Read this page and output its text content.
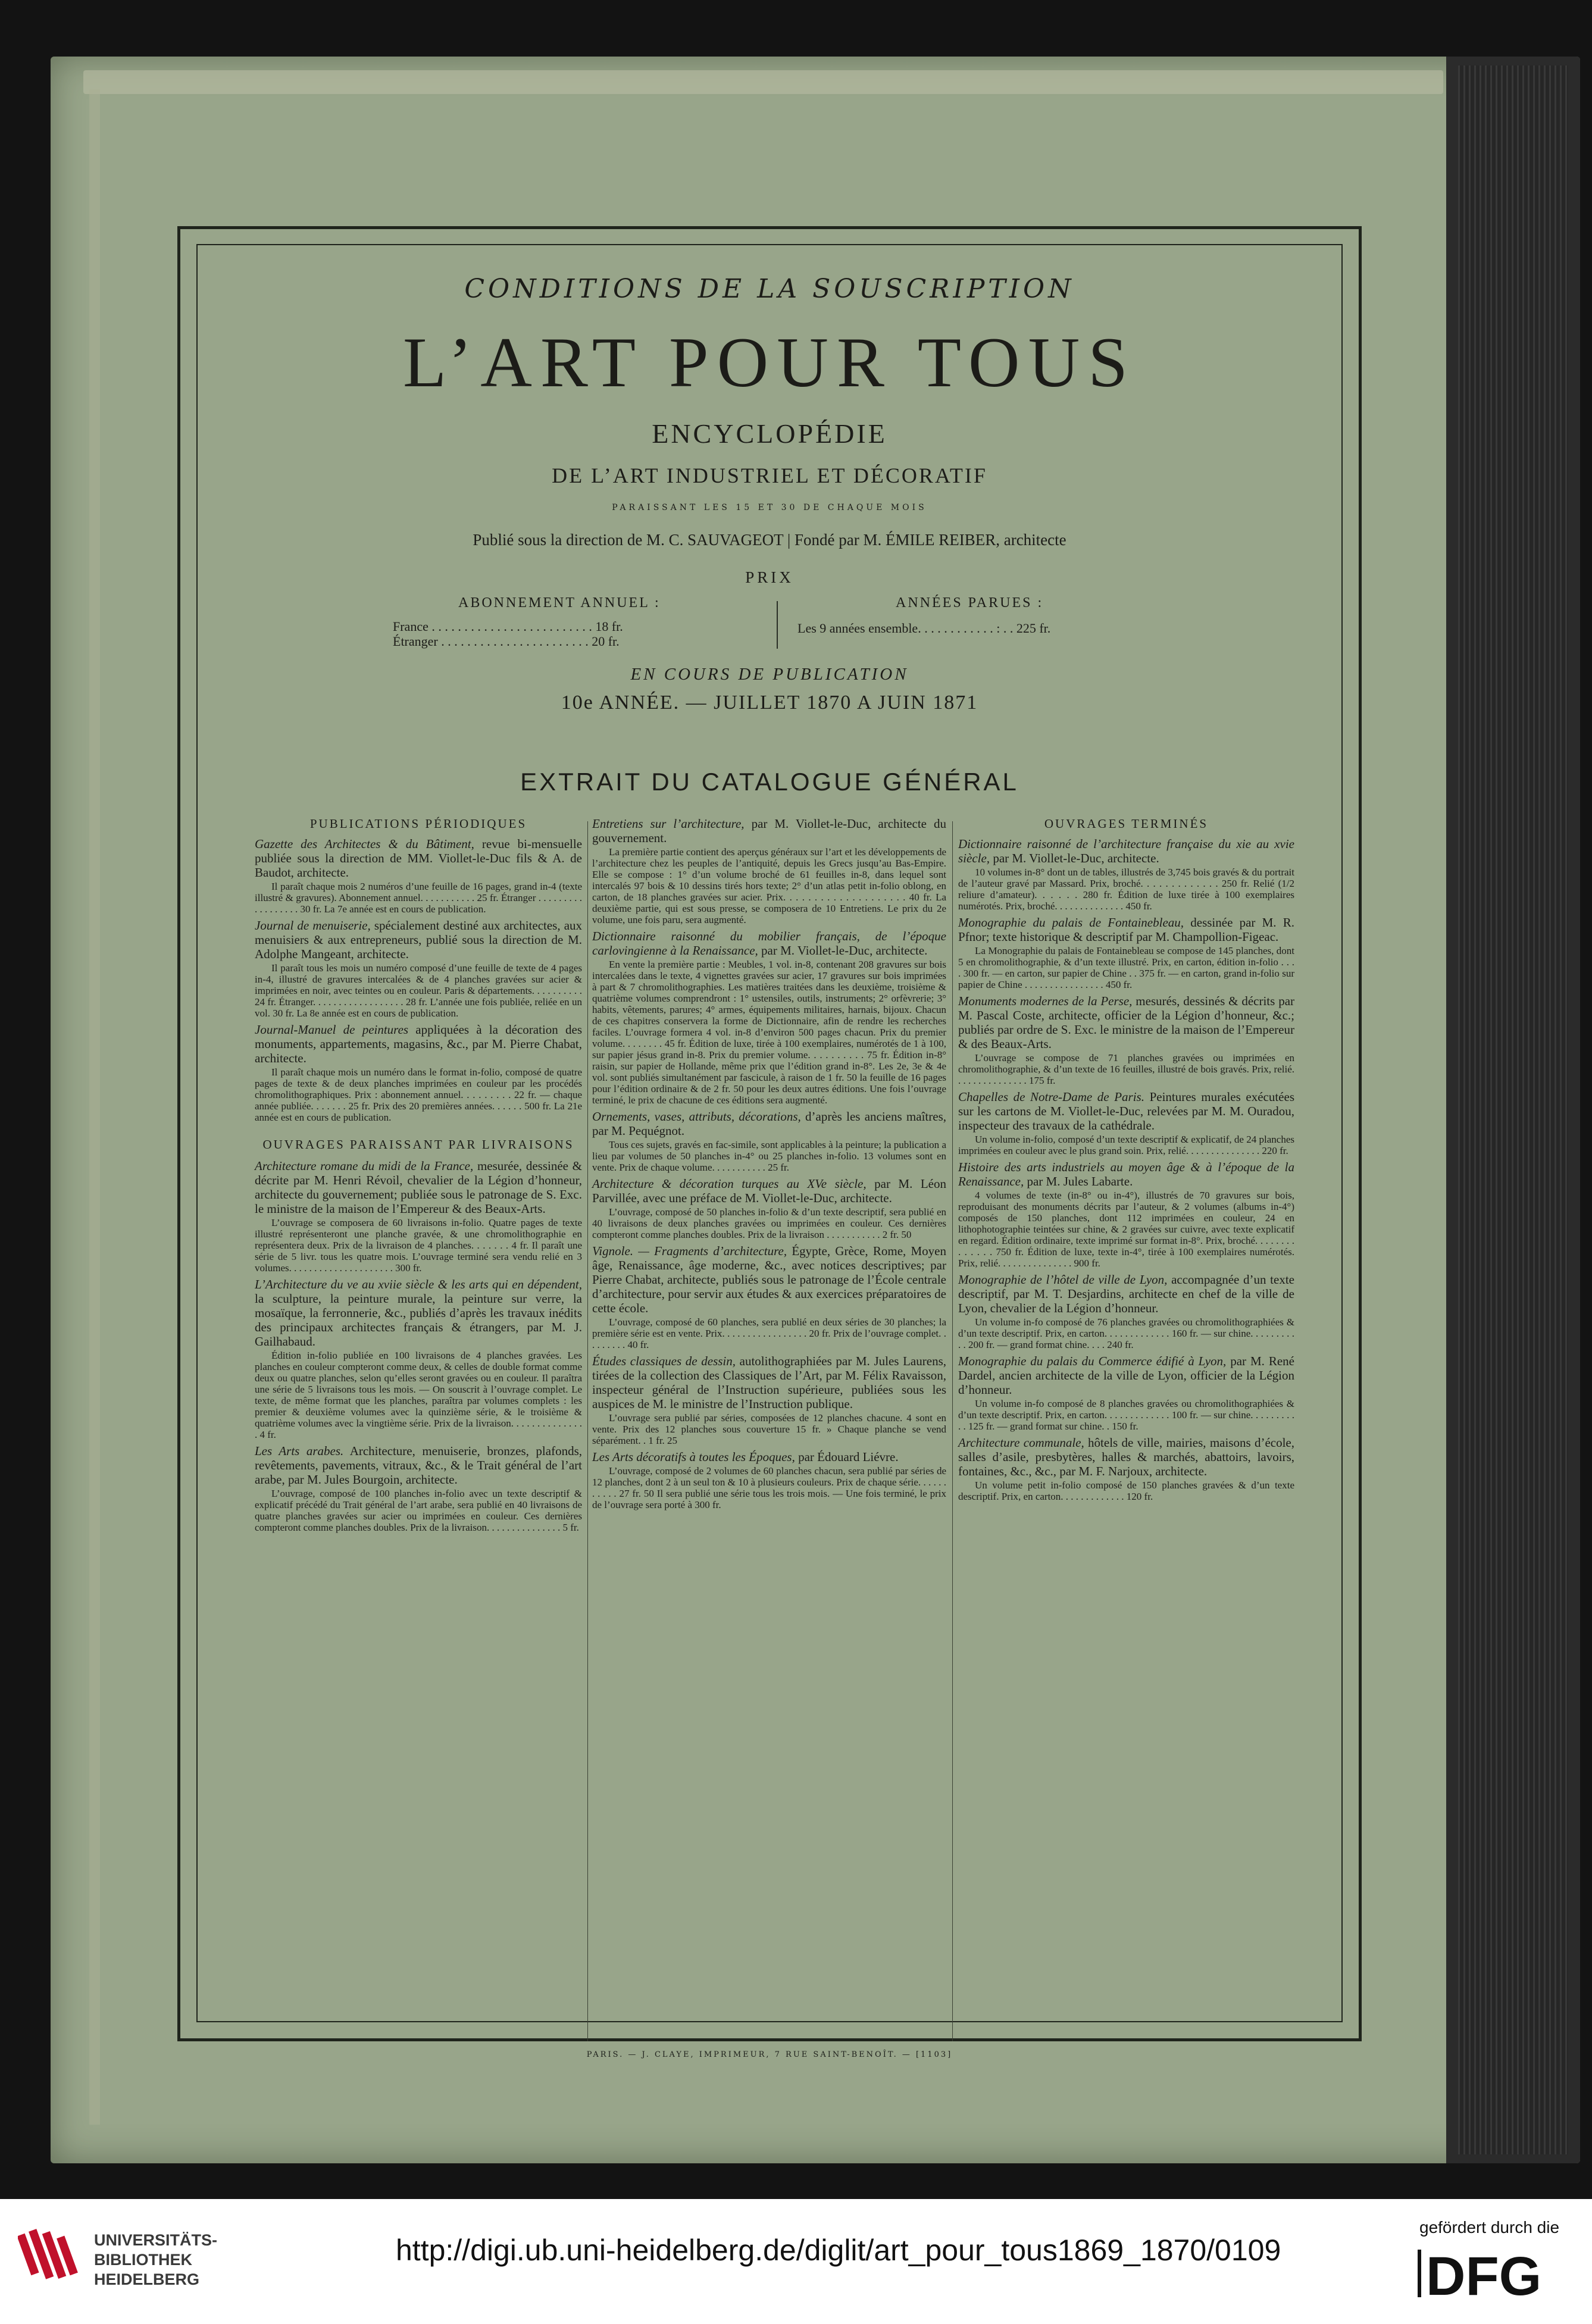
CONDITIONS DE LA SOUSCRIPTION
L’ART POUR TOUS
ENCYCLOPÉDIE
DE L’ART INDUSTRIEL ET DÉCORATIF
PARAISSANT LES 15 ET 30 DE CHAQUE MOIS
Publié sous la direction de M. C. SAUVAGEOT | Fondé par M. ÉMILE REIBER, architecte
PRIX
ABONNEMENT ANNUEL :
France . . . . . . . . . . . . . . . . . . . . . . . . . 18 fr.
Étranger . . . . . . . . . . . . . . . . . . . . . . . 20 fr.
ANNÉES PARUES :
Les 9 années ensemble. . . . . . . . . . . . : . . 225 fr.
EN COURS DE PUBLICATION
10e ANNÉE. — JUILLET 1870 A JUIN 1871
EXTRAIT DU CATALOGUE GÉNÉRAL
PUBLICATIONS PÉRIODIQUES

Gazette des Architectes & du Bâtiment, revue bi-mensuelle publiée sous la direction de MM. Viollet-le-Duc fils & A. de Baudot, architecte.

Il paraît chaque mois 2 numéros d’une feuille de 16 pages, grand in-4 (texte illustré & gravures). Abonnement annuel. . . . . . . . . . . 25 fr. Étranger . . . . . . . . . . . . . . . . . . 30 fr. La 7e année est en cours de publication.

Journal de menuiserie, spécialement destiné aux architectes, aux menuisiers & aux entrepreneurs, publié sous la direction de M. Adolphe Mangeant, architecte.

Il paraît tous les mois un numéro composé d’une feuille de texte de 4 pages in-4, illustré de gravures intercalées & de 4 planches gravées sur acier & imprimées en noir, avec teintes ou en couleur. Paris & départements. . . . . . . . . . 24 fr. Étranger. . . . . . . . . . . . . . . . . . 28 fr. L’année une fois publiée, reliée en un vol. 30 fr. La 8e année est en cours de publication.

Journal-Manuel de peintures appliquées à la décoration des monuments, appartements, magasins, &c., par M. Pierre Chabat, architecte.

Il paraît chaque mois un numéro dans le format in-folio, composé de quatre pages de texte & de deux planches imprimées en couleur par les procédés chromolithographiques. Prix : abonnement annuel. . . . . . . . . 22 fr. — chaque année publiée. . . . . . . 25 fr. Prix des 20 premières années. . . . . . 500 fr. La 21e année est en cours de publication.

OUVRAGES PARAISSANT PAR LIVRAISONS

Architecture romane du midi de la France, mesurée, dessinée & décrite par M. Henri Révoil, chevalier de la Légion d’honneur, architecte du gouvernement; publiée sous le patronage de S. Exc. le ministre de la maison de l’Empereur & des Beaux-Arts.

L’ouvrage se composera de 60 livraisons in-folio. Quatre pages de texte illustré représenteront une planche gravée, & une chromolithographie en représentera deux. Prix de la livraison de 4 planches. . . . . . . 4 fr. Il paraît une série de 5 livr. tous les quatre mois. L’ouvrage terminé sera vendu relié en 3 volumes. . . . . . . . . . . . . . . . . . . . . 300 fr.

L’Architecture du ve au xviie siècle & les arts qui en dépendent, la sculpture, la peinture murale, la peinture sur verre, la mosaïque, la ferronnerie, &c., publiés d’après les travaux inédits des principaux architectes français & étrangers, par M. J. Gailhabaud.

Édition in-folio publiée en 100 livraisons de 4 planches gravées. Les planches en couleur compteront comme deux, & celles de double format comme deux ou quatre planches, selon qu’elles seront gravées ou en couleur. Il paraîtra une série de 5 livraisons tous les mois. — On souscrit à l’ouvrage complet. Le texte, de même format que les planches, paraîtra par volumes complets : les premier & deuxième volumes avec la quinzième série, & le troisième & quatrième volumes avec la vingtième série. Prix de la livraison. . . . . . . . . . . . . . . 4 fr.

Les Arts arabes. Architecture, menuiserie, bronzes, plafonds, revêtements, pavements, vitraux, &c., & le Trait général de l’art arabe, par M. Jules Bourgoin, architecte.

L’ouvrage, composé de 100 planches in-folio avec un texte descriptif & explicatif précédé du Trait général de l’art arabe, sera publié en 40 livraisons de quatre planches gravées sur acier ou imprimées en couleur. Ces dernières compteront comme planches doubles. Prix de la livraison. . . . . . . . . . . . . . . 5 fr.

Entretiens sur l’architecture, par M. Viollet-le-Duc, architecte du gouvernement.

La première partie contient des aperçus généraux sur l’art et les développements de l’architecture chez les peuples de l’antiquité, depuis les Grecs jusqu’au Bas-Empire. Elle se compose : 1° d’un volume broché de 61 feuilles in-8, dans lequel sont intercalés 97 bois & 10 dessins tirés hors texte; 2° d’un atlas petit in-folio oblong, en carton, de 18 planches gravées sur acier. Prix. . . . . . . . . . . . . . . . . . . . 40 fr. La deuxième partie, qui est sous presse, se composera de 10 Entretiens. Le prix du 2e volume, une fois paru, sera augmenté.

Dictionnaire raisonné du mobilier français, de l’époque carlovingienne à la Renaissance, par M. Viollet-le-Duc, architecte.

En vente la première partie : Meubles, 1 vol. in-8, contenant 208 gravures sur bois intercalées dans le texte, 4 vignettes gravées sur acier, 17 gravures sur bois imprimées à part & 7 chromolithographies. Les matières traitées dans les deuxième, troisième & quatrième volumes comprendront : 1° ustensiles, outils, instruments; 2° orfèvrerie; 3° habits, vêtements, parures; 4° armes, équipements militaires, harnais, bijoux. Chacun de ces chapitres conservera la forme de Dictionnaire, afin de rendre les recherches faciles. L’ouvrage formera 4 vol. in-8 d’environ 500 pages chacun. Prix du premier volume. . . . . . . . 45 fr. Édition de luxe, tirée à 100 exemplaires, numérotés de 1 à 100, sur papier jésus grand in-8. Prix du premier volume. . . . . . . . . . 75 fr. Édition in-8° raisin, sur papier de Hollande, même prix que l’édition grand in-8°. Les 2e, 3e & 4e vol. sont publiés simultanément par fascicule, à raison de 1 fr. 50 la feuille de 16 pages pour l’édition ordinaire & de 2 fr. 50 pour les deux autres éditions. Une fois l’ouvrage terminé, le prix de chacune de ces éditions sera augmenté.

Ornements, vases, attributs, décorations, d’après les anciens maîtres, par M. Pequégnot.

Tous ces sujets, gravés en fac-simile, sont applicables à la peinture; la publication a lieu par volumes de 50 planches in-4° ou 25 planches in-folio. 13 volumes sont en vente. Prix de chaque volume. . . . . . . . . . . 25 fr.

Architecture & décoration turques au XVe siècle, par M. Léon Parvillée, avec une préface de M. Viollet-le-Duc, architecte.

L’ouvrage, composé de 50 planches in-folio & d’un texte descriptif, sera publié en 40 livraisons de deux planches gravées ou imprimées en couleur. Ces dernières compteront comme planches doubles. Prix de la livraison . . . . . . . . . . . 2 fr. 50

Vignole. — Fragments d’architecture, Égypte, Grèce, Rome, Moyen âge, Renaissance, âge moderne, &c., avec notices descriptives; par Pierre Chabat, architecte, publiés sous le patronage de l’École centrale d’architecture, pour servir aux études & aux exercices préparatoires de cette école.

L’ouvrage, composé de 60 planches, sera publié en deux séries de 30 planches; la première série est en vente. Prix. . . . . . . . . . . . . . . . . 20 fr. Prix de l’ouvrage complet. . . . . . . . . 40 fr.

Études classiques de dessin, autolithographiées par M. Jules Laurens, tirées de la collection des Classiques de l’Art, par M. Félix Ravaisson, inspecteur général de l’Instruction supérieure, publiées sous les auspices de M. le ministre de l’Instruction publique.

L’ouvrage sera publié par séries, composées de 12 planches chacune. 4 sont en vente. Prix des 12 planches sous couverture 15 fr. » Chaque planche se vend séparément. . 1 fr. 25

Les Arts décoratifs à toutes les Époques, par Édouard Liévre.

L’ouvrage, composé de 2 volumes de 60 planches chacun, sera publié par séries de 12 planches, dont 2 à un seul ton & 10 à plusieurs couleurs. Prix de chaque série. . . . . . . . . . . 27 fr. 50 Il sera publié une série tous les trois mois. — Une fois terminé, le prix de l’ouvrage sera porté à 300 fr.

OUVRAGES TERMINÉS

Dictionnaire raisonné de l’architecture française du xie au xvie siècle, par M. Viollet-le-Duc, architecte.

10 volumes in-8° dont un de tables, illustrés de 3,745 bois gravés & du portrait de l’auteur gravé par Massard. Prix, broché. . . . . . . . . . . . . 250 fr. Relié (1/2 reliure d’amateur). . . . . . 280 fr. Édition de luxe tirée à 100 exemplaires numérotés. Prix, broché. . . . . . . . . . . . . . 450 fr.

Monographie du palais de Fontainebleau, dessinée par M. R. Pfnor; texte historique & descriptif par M. Champollion-Figeac.

La Monographie du palais de Fontainebleau se compose de 145 planches, dont 5 en chromolithographie, & d’un texte illustré. Prix, en carton, édition in-folio . . . . 300 fr. — en carton, sur papier de Chine . . 375 fr. — en carton, grand in-folio sur papier de Chine . . . . . . . . . . . . . . . . 450 fr.

Monuments modernes de la Perse, mesurés, dessinés & décrits par M. Pascal Coste, architecte, officier de la Légion d’honneur, &c.; publiés par ordre de S. Exc. le ministre de la maison de l’Empereur & des Beaux-Arts.

L’ouvrage se compose de 71 planches gravées ou imprimées en chromolithographie, & d’un texte de 16 feuilles, illustré de bois gravés. Prix, relié. . . . . . . . . . . . . . . 175 fr.

Chapelles de Notre-Dame de Paris. Peintures murales exécutées sur les cartons de M. Viollet-le-Duc, relevées par M. M. Ouradou, inspecteur des travaux de la cathédrale.

Un volume in-folio, composé d’un texte descriptif & explicatif, de 24 planches imprimées en couleur avec le plus grand soin. Prix, relié. . . . . . . . . . . . . . . 220 fr.

Histoire des arts industriels au moyen âge & à l’époque de la Renaissance, par M. Jules Labarte.

4 volumes de texte (in-8° ou in-4°), illustrés de 70 gravures sur bois, reproduisant des monuments décrits par l’auteur, & 2 volumes (albums in-4°) composés de 150 planches, dont 112 imprimées en couleur, 24 en lithophotographie teintées sur chine, & 2 gravées sur cuivre, avec texte explicatif en regard. Édition ordinaire, texte imprimé sur format in-8°. Prix, broché. . . . . . . . . . . . . . 750 fr. Édition de luxe, texte in-4°, tirée à 100 exemplaires numérotés. Prix, relié. . . . . . . . . . . . . . . 900 fr.

Monographie de l’hôtel de ville de Lyon, accompagnée d’un texte descriptif, par M. T. Desjardins, architecte en chef de la ville de Lyon, chevalier de la Légion d’honneur.

Un volume in-fo composé de 76 planches gravées ou chromolithographiées & d’un texte descriptif. Prix, en carton. . . . . . . . . . . . . 160 fr. — sur chine. . . . . . . . . . . 200 fr. — grand format chine. . . . 240 fr.

Monographie du palais du Commerce édifié à Lyon, par M. René Dardel, ancien architecte de la ville de Lyon, officier de la Légion d’honneur.

Un volume in-fo composé de 8 planches gravées ou chromolithographiées & d’un texte descriptif. Prix, en carton. . . . . . . . . . . . . 100 fr. — sur chine. . . . . . . . . . . 125 fr. — grand format sur chine. . 150 fr.

Architecture communale, hôtels de ville, mairies, maisons d’école, salles d’asile, presbytères, halles & marchés, abattoirs, lavoirs, fontaines, &c., &c., par M. F. Narjoux, architecte.

Un volume petit in-folio composé de 150 planches gravées & d’un texte descriptif. Prix, en carton. . . . . . . . . . . . . 120 fr.

PARIS. — J. CLAYE, IMPRIMEUR, 7 RUE SAINT-BENOÎT. — [1103]
UNIVERSITÄTS-
BIBLIOTHEK
HEIDELBERG
http://digi.ub.uni-heidelberg.de/diglit/art_pour_tous1869_1870/0109
gefördert durch die
DFG
